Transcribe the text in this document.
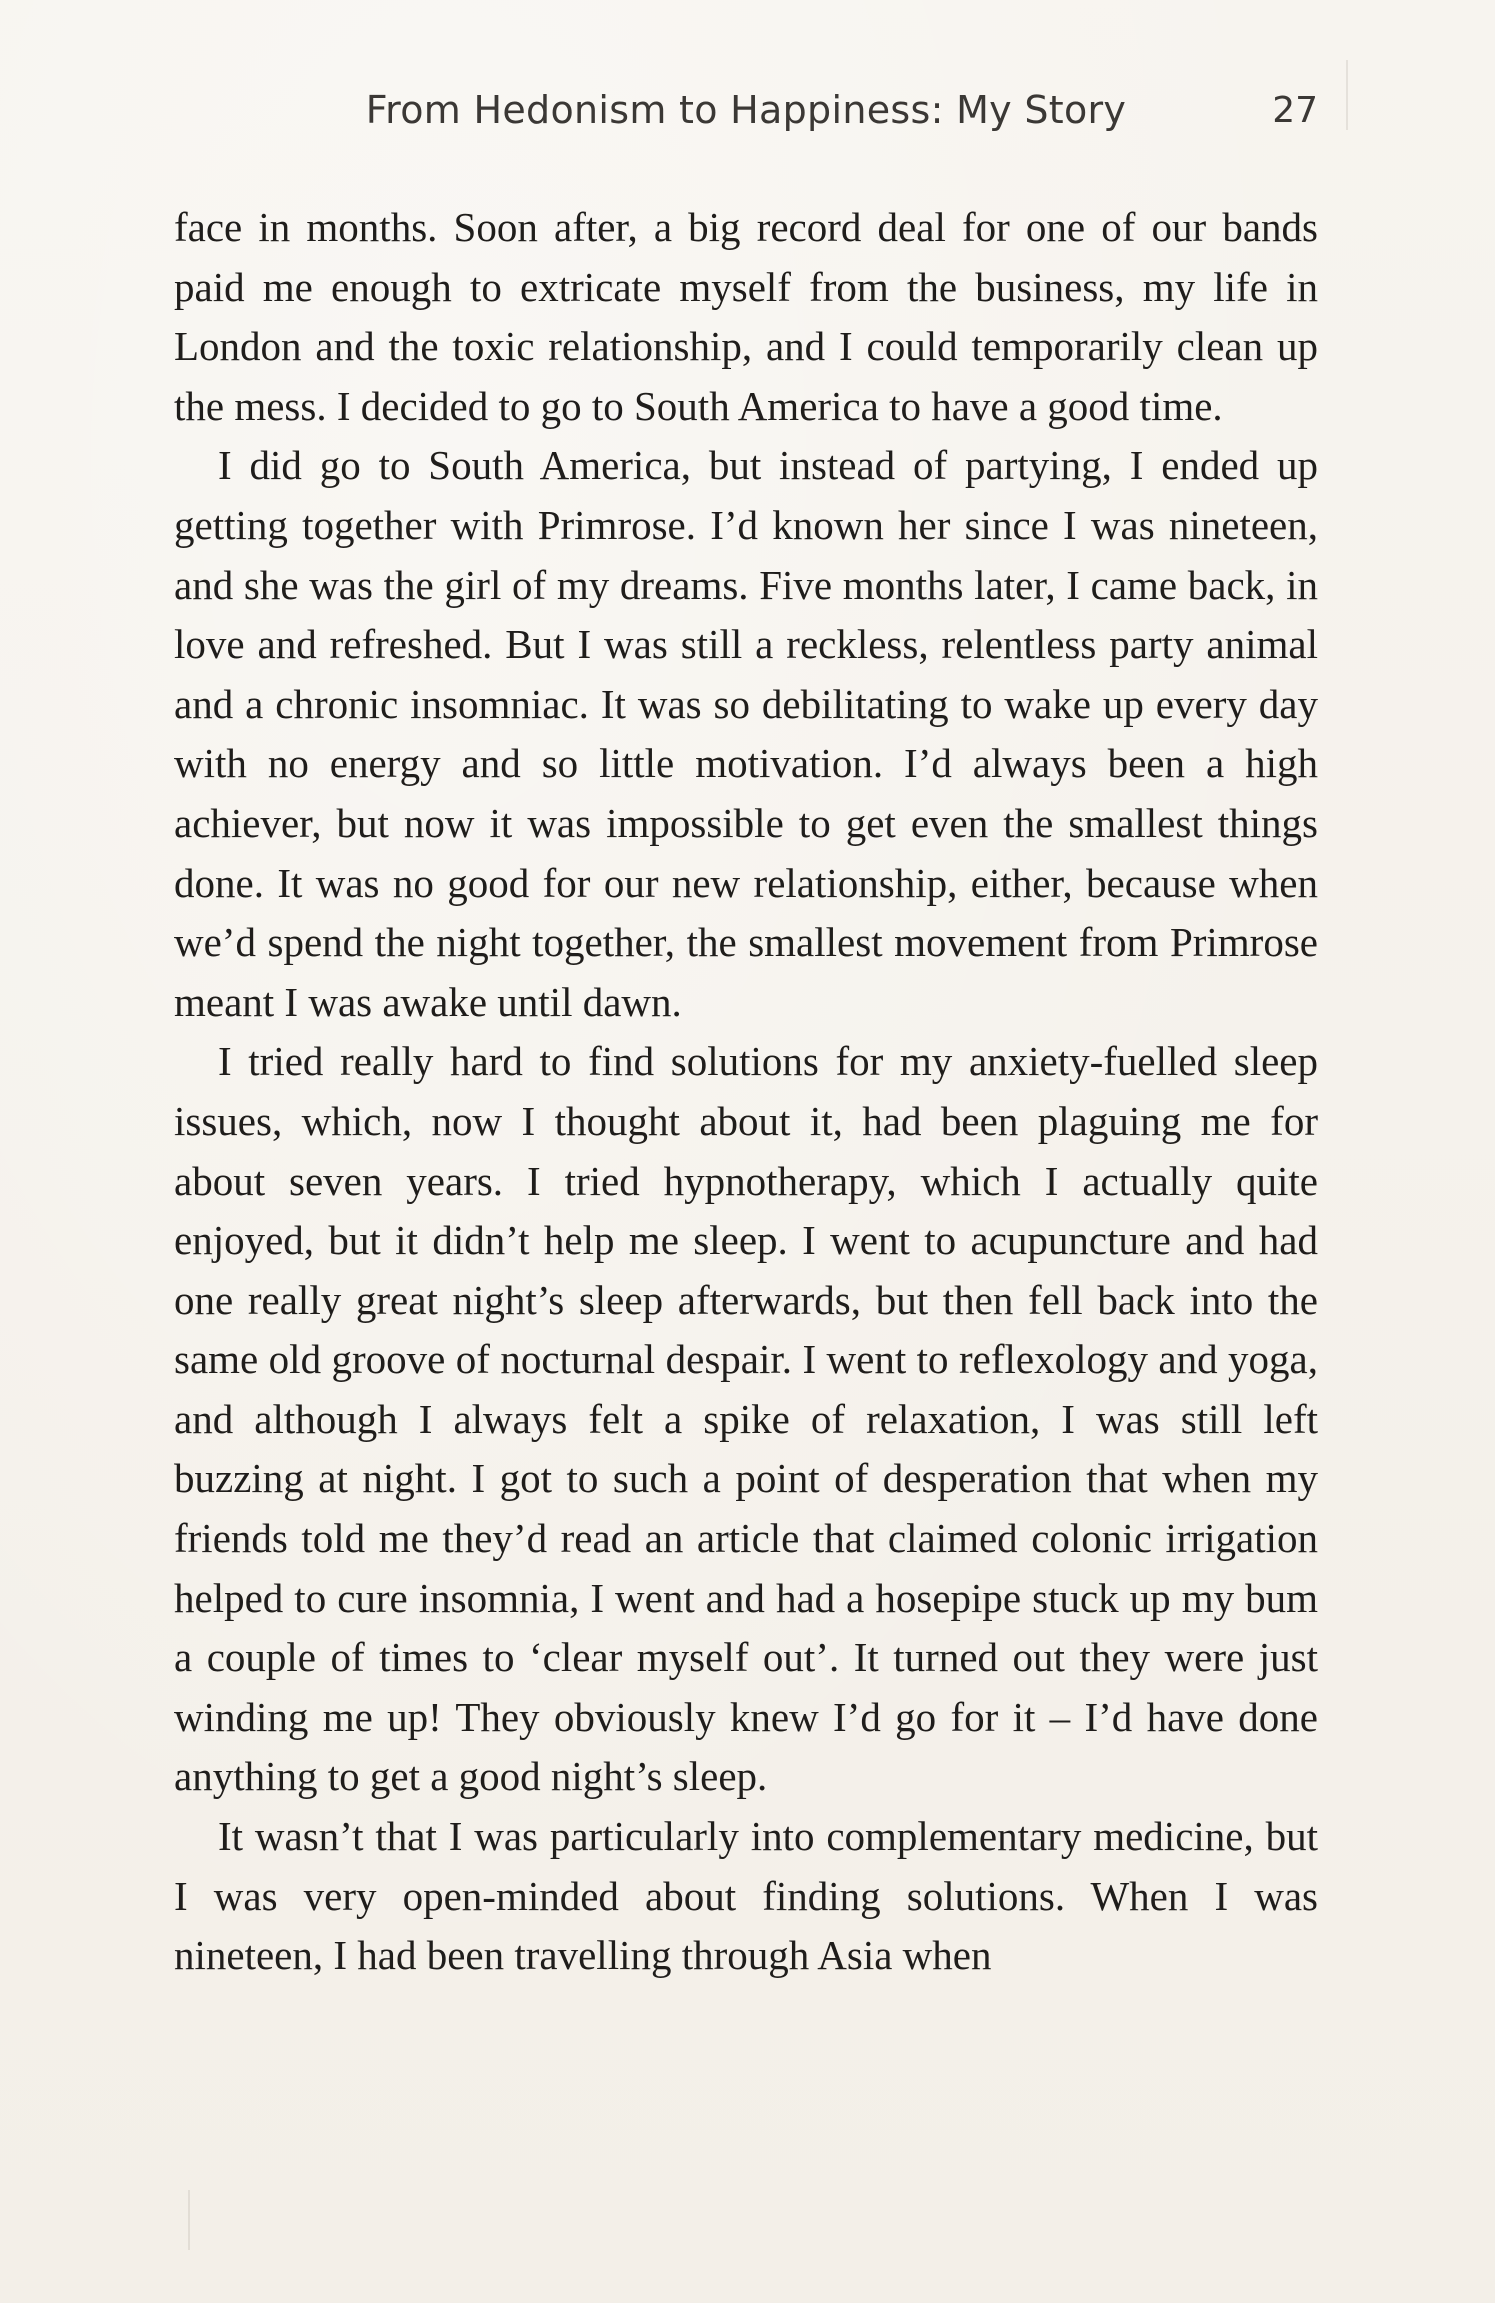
From Hedonism to Happiness: My Story	27

face in months. Soon after, a big record deal for one of our bands paid me enough to extricate myself from the business, my life in London and the toxic relationship, and I could temporarily clean up the mess. I decided to go to South America to have a good time.

I did go to South America, but instead of partying, I ended up getting together with Primrose. I’d known her since I was nineteen, and she was the girl of my dreams. Five months later, I came back, in love and refreshed. But I was still a reckless, relentless party animal and a chronic insomniac. It was so debilitating to wake up every day with no energy and so little motivation. I’d always been a high achiever, but now it was impossible to get even the smallest things done. It was no good for our new relationship, either, because when we’d spend the night together, the smallest movement from Primrose meant I was awake until dawn.

I tried really hard to find solutions for my anxiety-fuelled sleep issues, which, now I thought about it, had been plaguing me for about seven years. I tried hypnotherapy, which I actually quite enjoyed, but it didn’t help me sleep. I went to acupuncture and had one really great night’s sleep afterwards, but then fell back into the same old groove of nocturnal despair. I went to reflexology and yoga, and although I always felt a spike of relaxation, I was still left buzzing at night. I got to such a point of desperation that when my friends told me they’d read an article that claimed colonic irrigation helped to cure insomnia, I went and had a hosepipe stuck up my bum a couple of times to ‘clear myself out’. It turned out they were just winding me up! They obviously knew I’d go for it – I’d have done anything to get a good night’s sleep.

It wasn’t that I was particularly into complementary medicine, but I was very open-minded about finding solutions. When I was nineteen, I had been travelling through Asia when
